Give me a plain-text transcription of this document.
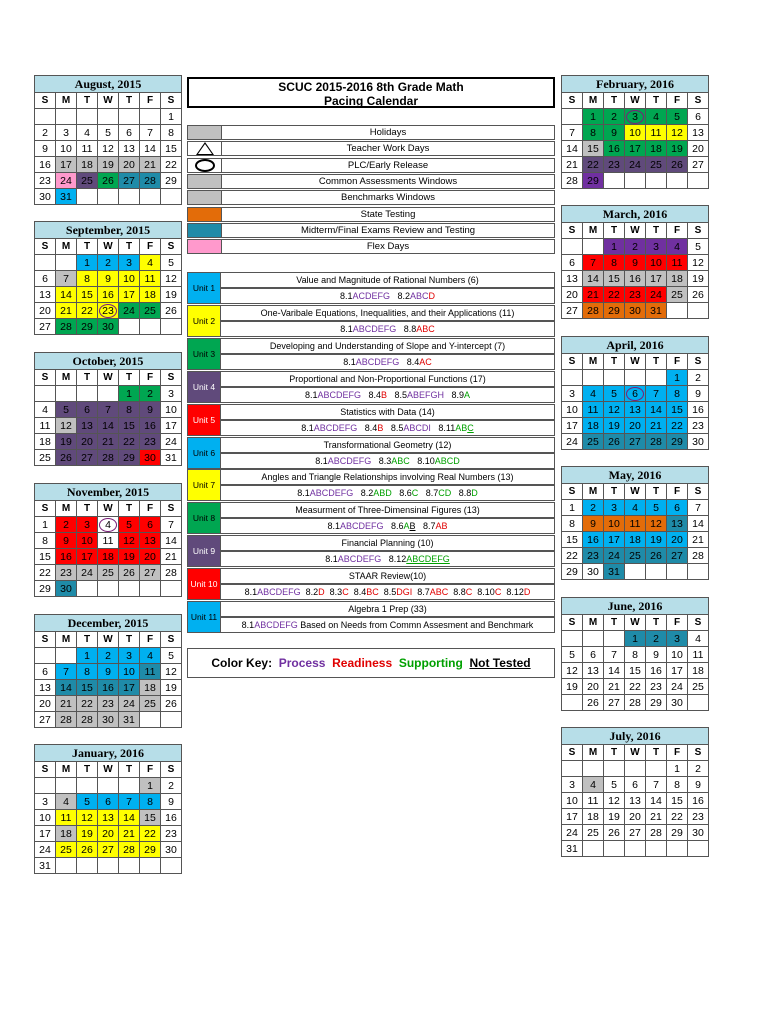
August, 2015						
S	M	T	W	T	F	S
						1
2	3	4	5	6	7	8
9	10	11	12	13	14	15
16	17	18	19	20	21	22
23	24	25	26	27	28	29
30	31					
September, 2015						
S	M	T	W	T	F	S
		1	2	3	4	5
6	7	8	9	10	11	12
13	14	15	16	17	18	19
20	21	22	23	24	25	26
27	28	29	30			
October, 2015						
S	M	T	W	T	F	S
				1	2	3
4	5	6	7	8	9	10
11	12	13	14	15	16	17
18	19	20	21	22	23	24
25	26	27	28	29	30	31
November, 2015						
S	M	T	W	T	F	S
1	2	3	4	5	6	7
8	9	10	11	12	13	14
15	16	17	18	19	20	21
22	23	24	25	26	27	28
29	30					
December, 2015						
S	M	T	W	T	F	S
		1	2	3	4	5
6	7	8	9	10	11	12
13	14	15	16	17	18	19
20	21	22	23	24	25	26
27	28	28	30	31		
January, 2016						
S	M	T	W	T	F	S
					1	2
3	4	5	6	7	8	9
10	11	12	13	14	15	16
17	18	19	20	21	22	23
24	25	26	27	28	29	30
31						
February, 2016						
S	M	T	W	T	F	S
	1	2	3	4	5	6
7	8	9	10	11	12	13
14	15	16	17	18	19	20
21	22	23	24	25	26	27
28	29					
March, 2016						
S	M	T	W	T	F	S
		1	2	3	4	5
6	7	8	9	10	11	12
13	14	15	16	17	18	19
20	21	22	23	24	25	26
27	28	29	30	31		
April, 2016						
S	M	T	W	T	F	S
					1	2
3	4	5	6	7	8	9
10	11	12	13	14	15	16
17	18	19	20	21	22	23
24	25	26	27	28	29	30
May, 2016						
S	M	T	W	T	F	S
1	2	3	4	5	6	7
8	9	10	11	12	13	14
15	16	17	18	19	20	21
22	23	24	25	26	27	28
29	30	31				
June, 2016						
S	M	T	W	T	F	S
			1	2	3	4
5	6	7	8	9	10	11
12	13	14	15	16	17	18
19	20	21	22	23	24	25
	26	27	28	29	30	
July, 2016						
S	M	T	W	T	F	S
					1	2
3	4	5	6	7	8	9
10	11	12	13	14	15	16
17	18	19	20	21	22	23
24	25	26	27	28	29	30
31						
SCUC 2015-2016 8th Grade Math
Pacing Calendar
Holidays
Teacher Work Days
PLC/Early Release
Common Assessments Windows
Benchmarks Windows
State Testing
Midterm/Final Exams Review and Testing
Flex Days
Unit 1
Value and Magnitude of Rational Numbers (6)
8.1ACDEFG   8.2ABCD
Unit 2
One-Varibale Equations, Inequalities, and their Applications (11)
8.1ABCDEFG   8.8ABC
Unit 3
Developing and Understanding of Slope and Y-intercept (7)
8.1ABCDEFG   8.4AC
Unit 4
Proportional and Non-Proportional Functions (17)
8.1ABCDEFG   8.4B   8.5ABEFGH   8.9A
Unit 5
Statistics with Data (14)
8.1ABCDEFG   8.4B   8.5ABCDI   8.11ABC
Unit 6
Transformational Geometry (12)
8.1ABCDEFG   8.3ABC   8.10ABCD
Unit 7
Angles and Triangle Relationships involving Real Numbers (13)
8.1ABCDEFG   8.2ABD   8.6C   8.7CD   8.8D
Unit 8
Measurment of Three-Dimensinal Figures (13)
8.1ABCDEFG   8.6AB   8.7AB
Unit 9
Financial Planning (10)
8.1ABCDEFG   8.12ABCDEFG
Unit 10
STAAR Review(10)
8.1ABCDEFG  8.2D  8.3C  8.4BC  8.5DGI  8.7ABC  8.8C  8.10C  8.12D
Unit 11
Algebra 1 Prep (33)
8.1ABCDEFG Based on Needs from Commn Assesment and Benchmark
Color Key: Process Readiness Supporting Not Tested
